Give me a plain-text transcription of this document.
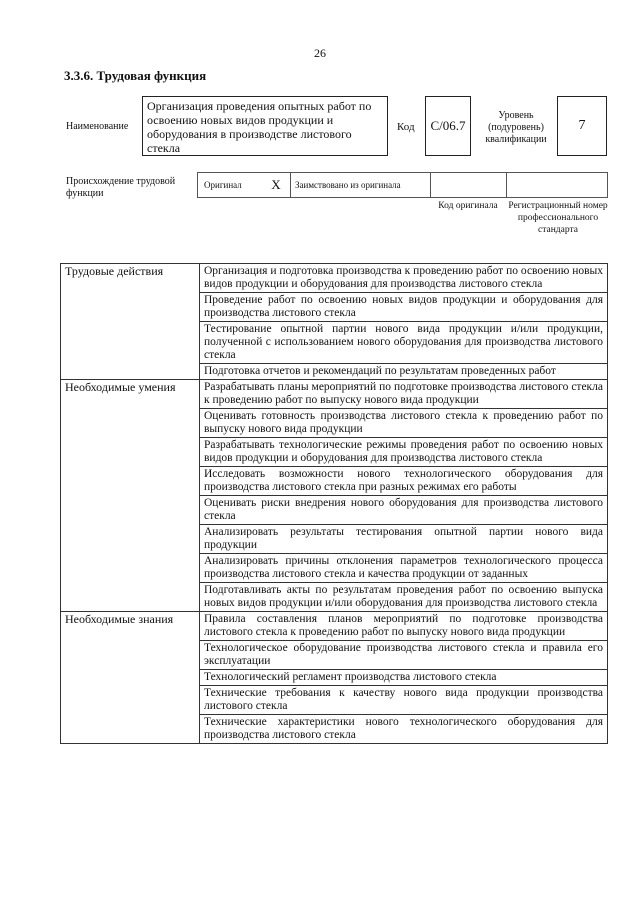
26
3.3.6. Трудовая функция
Наименование
Организация проведения опытных работ по освоению новых видов продукции и оборудования в производстве листового стекла
Код	C/06.7
Уровень (подуровень) квалификации
7
Происхождение трудовой функции
Оригинал	X	Заимствовано из оригинала
Код оригинала	Регистрационный номер профессионального стандарта
Трудовые действия	Организация и подготовка производства к проведению работ по освоению новых видов продукции и оборудования для производства листового стекла
	Проведение работ по освоению новых видов продукции и оборудования для производства листового стекла
	Тестирование опытной партии нового вида продукции и/или продукции, полученной с использованием нового оборудования для производства листового стекла
	Подготовка отчетов и рекомендаций по результатам проведенных работ
Необходимые умения	Разрабатывать планы мероприятий по подготовке производства листового стекла к проведению работ по выпуску нового вида продукции
	Оценивать готовность производства листового стекла к проведению работ по выпуску нового вида продукции
	Разрабатывать технологические режимы проведения работ по освоению новых видов продукции и оборудования для производства листового стекла
	Исследовать возможности нового технологического оборудования для производства листового стекла при разных режимах его работы
	Оценивать риски внедрения нового оборудования для производства листового стекла
	Анализировать результаты тестирования опытной партии нового вида продукции
	Анализировать причины отклонения параметров технологического процесса производства листового стекла и качества продукции от заданных
	Подготавливать акты по результатам проведения работ по освоению выпуска новых видов продукции и/или оборудования для производства листового стекла
Необходимые знания	Правила составления планов мероприятий по подготовке производства листового стекла к проведению работ по выпуску нового вида продукции
	Технологическое оборудование производства листового стекла и правила его эксплуатации
	Технологический регламент производства листового стекла
	Технические требования к качеству нового вида продукции производства листового стекла
	Технические характеристики нового технологического оборудования для производства листового стекла
